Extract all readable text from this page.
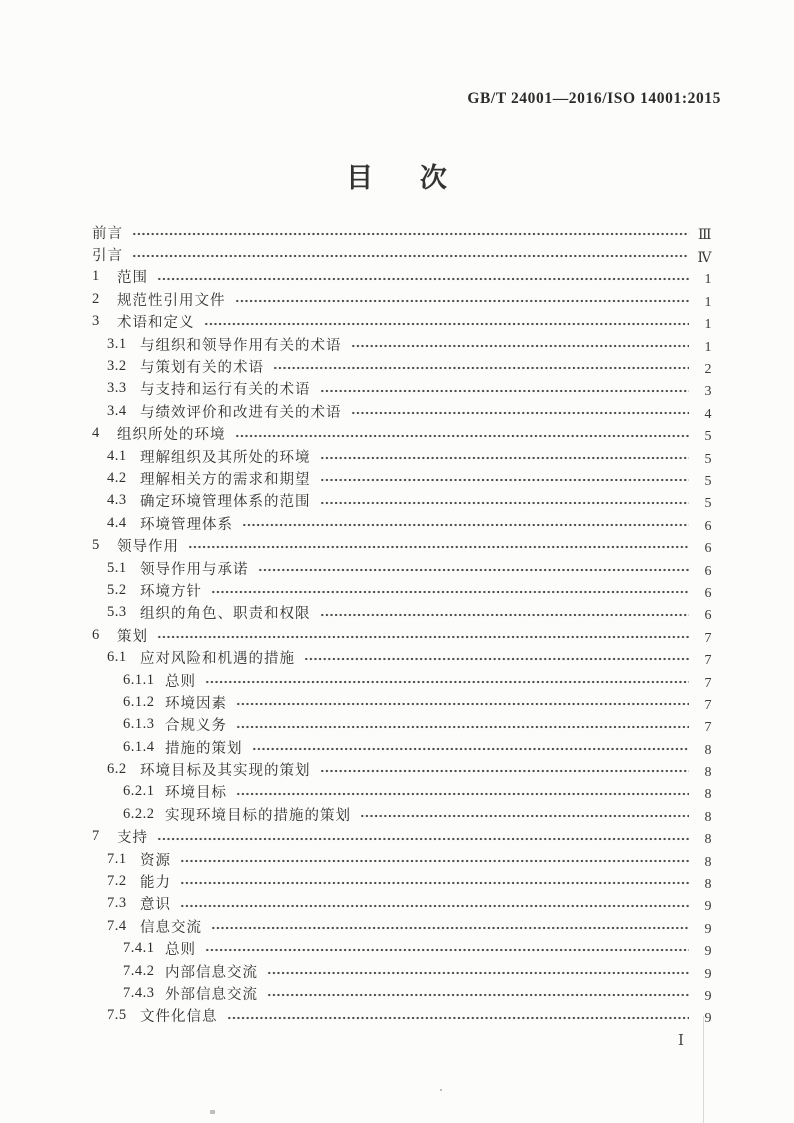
GB/T 24001—2016/ISO 14001:2015
目 次
前言	Ⅲ
引言	Ⅳ
1	范围	1
2	规范性引用文件	1
3	术语和定义	1
3.1 与组织和领导作用有关的术语	1
3.2 与策划有关的术语	2
3.3 与支持和运行有关的术语	3
3.4 与绩效评价和改进有关的术语	4
4	组织所处的环境	5
4.1 理解组织及其所处的环境	5
4.2 理解相关方的需求和期望	5
4.3 确定环境管理体系的范围	5
4.4 环境管理体系	6
5	领导作用	6
5.1 领导作用与承诺	6
5.2 环境方针	6
5.3 组织的角色、职责和权限	6
6	策划	7
6.1 应对风险和机遇的措施	7
6.1.1 总则	7
6.1.2 环境因素	7
6.1.3 合规义务	7
6.1.4 措施的策划	8
6.2 环境目标及其实现的策划	8
6.2.1 环境目标	8
6.2.2 实现环境目标的措施的策划	8
7	支持	8
7.1 资源	8
7.2 能力	8
7.3 意识	9
7.4 信息交流	9
7.4.1 总则	9
7.4.2 内部信息交流	9
7.4.3 外部信息交流	9
7.5 文件化信息	9
Ⅰ
